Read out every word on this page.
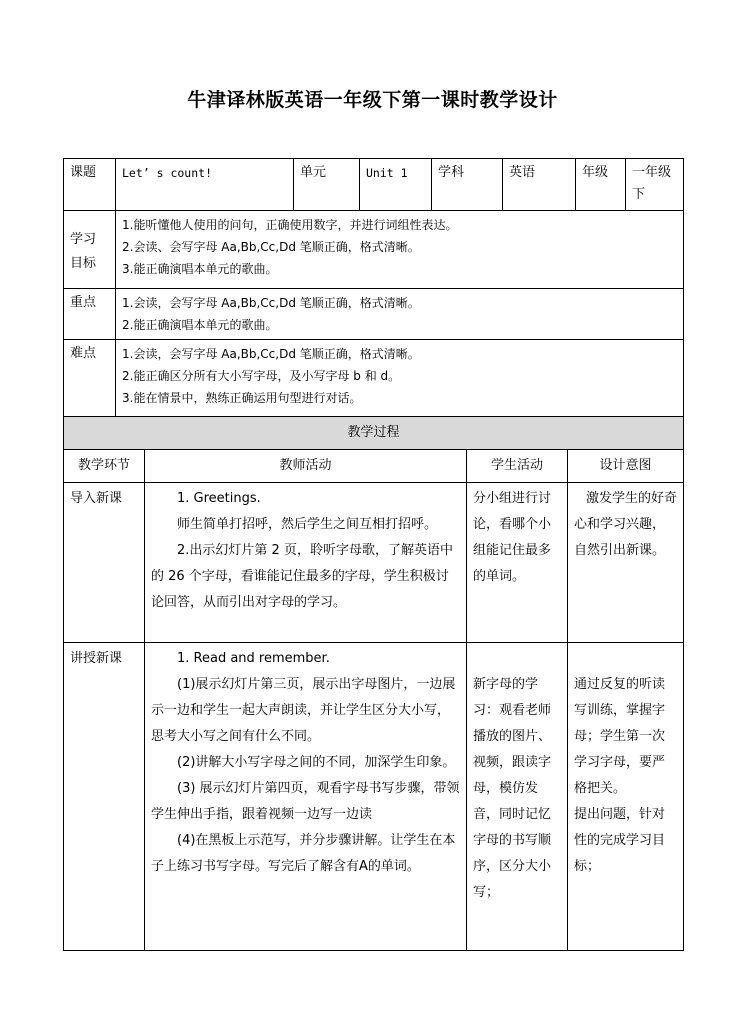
牛津译林版英语一年级下第一课时教学设计
课题	Let’ s count!	单元	Unit 1	学科	英语	年级	一年级下

学习目标	1.能听懂他人使用的问句，正确使用数字，并进行词组性表达。
2.会读、会写字母 Aa,Bb,Cc,Dd 笔顺正确，格式清晰。
3.能正确演唱本单元的歌曲。						

重点	1.会读，会写字母 Aa,Bb,Cc,Dd 笔顺正确，格式清晰。
2.能正确演唱本单元的歌曲。						

难点	1.会读，会写字母 Aa,Bb,Cc,Dd 笔顺正确，格式清晰。
2.能正确区分所有大小写字母，及小写字母 b 和 d。
3.能在情景中，熟练正确运用句型进行对话。						
教学过程			
教学环节	教师活动	学生活动	设计意图
导入新课	1. Greetings.
师生简单打招呼，然后学生之间互相打招呼。
2.出示幻灯片第 2 页，聆听字母歌，了解英语中的 26 个字母，看谁能记住最多的字母，学生积极讨论回答，从而引出对字母的学习。	分小组进行讨论，看哪个小组能记住最多的单词。	激发学生的好奇心和学习兴趣，自然引出新课。

讲授新课	1. Read and remember.
(1)展示幻灯片第三页，展示出字母图片，一边展示一边和学生一起大声朗读，并让学生区分大小写，思考大小写之间有什么不同。
(2)讲解大小写字母之间的不同，加深学生印象。
(3) 展示幻灯片第四页，观看字母书写步骤，带领学生伸出手指，跟着视频一边写一边读
(4)在黑板上示范写，并分步骤讲解。让学生在本子上练习书写字母。写完后了解含有A的单词。	新字母的学习：观看老师播放的图片、视频，跟读字母，模仿发音，同时记忆字母的书写顺序，区分大小写；	通过反复的听读写训练，掌握字母；学生第一次学习字母，要严格把关。
提出问题，针对性的完成学习目标；
